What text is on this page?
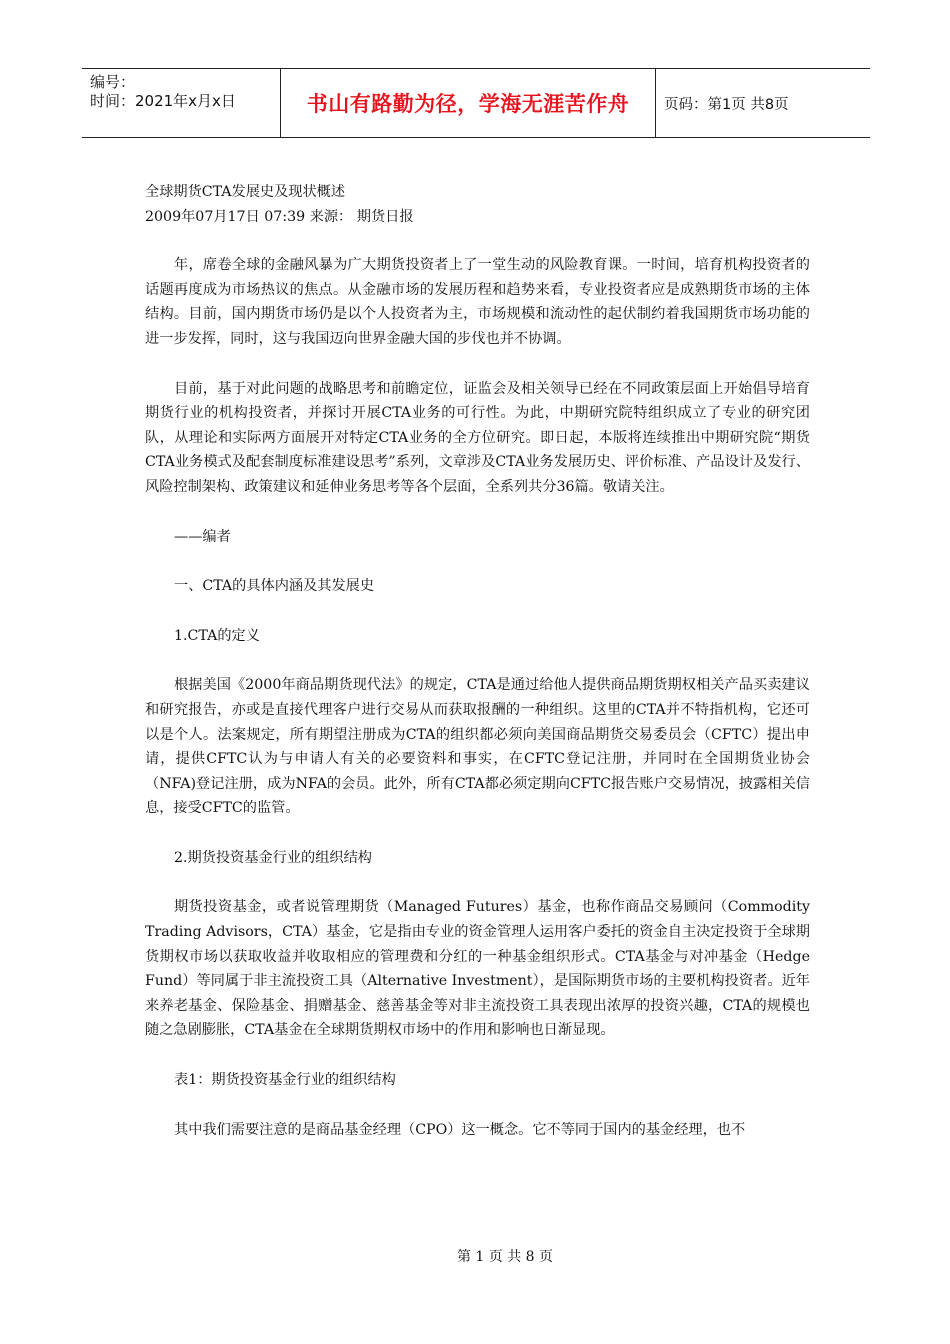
编号：
时间：2021年x月x日	书山有路勤为径，学海无涯苦作舟 页码：第1页 共8页

全球期货CTA发展史及现状概述

2009年07月17日 07:39 来源： 期货日报

年，席卷全球的金融风暴为广大期货投资者上了一堂生动的风险教育课。一时间，培育机构投资者的话题再度成为市场热议的焦点。从金融市场的发展历程和趋势来看，专业投资者应是成熟期货市场的主体结构。目前，国内期货市场仍是以个人投资者为主，市场规模和流动性的起伏制约着我国期货市场功能的进一步发挥，同时，这与我国迈向世界金融大国的步伐也并不协调。

目前，基于对此问题的战略思考和前瞻定位，证监会及相关领导已经在不同政策层面上开始倡导培育期货行业的机构投资者，并探讨开展CTA业务的可行性。为此，中期研究院特组织成立了专业的研究团队，从理论和实际两方面展开对特定CTA业务的全方位研究。即日起，本版将连续推出中期研究院“期货CTA业务模式及配套制度标准建设思考”系列，文章涉及CTA业务发展历史、评价标准、产品设计及发行、风险控制架构、政策建议和延伸业务思考等各个层面，全系列共分36篇。敬请关注。

——编者

一、CTA的具体内涵及其发展史

1.CTA的定义

根据美国《2000年商品期货现代法》的规定，CTA是通过给他人提供商品期货期权相关产品买卖建议和研究报告，亦或是直接代理客户进行交易从而获取报酬的一种组织。这里的CTA并不特指机构，它还可以是个人。法案规定，所有期望注册成为CTA的组织都必须向美国商品期货交易委员会（CFTC）提出申请，提供CFTC认为与申请人有关的必要资料和事实，在CFTC登记注册，并同时在全国期货业协会（NFA)登记注册，成为NFA的会员。此外，所有CTA都必须定期向CFTC报告账户交易情况，披露相关信息，接受CFTC的监管。

2.期货投资基金行业的组织结构

期货投资基金，或者说管理期货（Managed Futures）基金，也称作商品交易顾问（Commodity Trading Advisors，CTA）基金，它是指由专业的资金管理人运用客户委托的资金自主决定投资于全球期货期权市场以获取收益并收取相应的管理费和分红的一种基金组织形式。CTA基金与对冲基金（Hedge Fund）等同属于非主流投资工具（Alternative Investment），是国际期货市场的主要机构投资者。近年来养老基金、保险基金、捐赠基金、慈善基金等对非主流投资工具表现出浓厚的投资兴趣，CTA的规模也随之急剧膨胀，CTA基金在全球期货期权市场中的作用和影响也日渐显现。

表1：期货投资基金行业的组织结构

其中我们需要注意的是商品基金经理（CPO）这一概念。它不等同于国内的基金经理，也不

第 1 页 共 8 页
